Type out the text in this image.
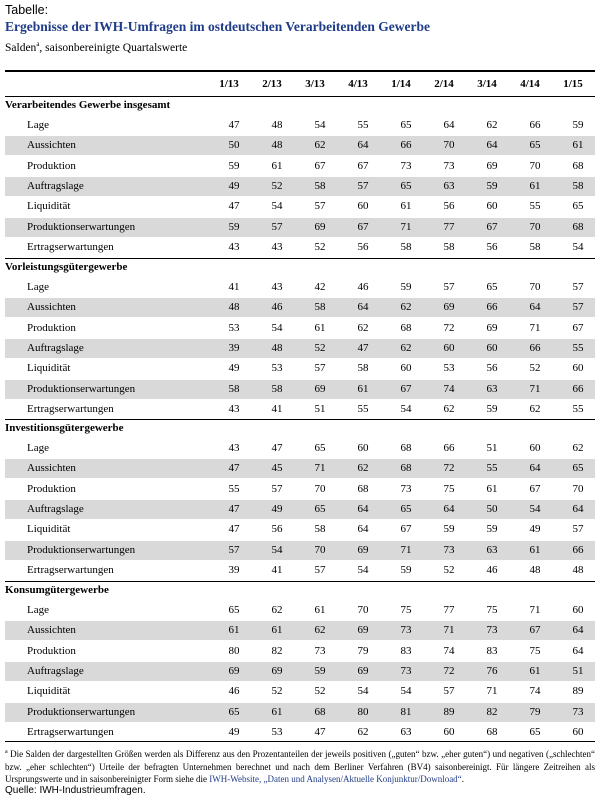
Tabelle:
Ergebnisse der IWH-Umfragen im ostdeutschen Verarbeitenden Gewerbe
Salden$^a$, saisonbereinigte Quartalswerte
1/13	2/13	3/13	4/13	1/14	2/14	3/14	4/14	1/15
Verarbeitendes Gewerbe insgesamt
Lage	47	48	54	55	65	64	62	66	59
Aussichten	50	48	62	64	66	70	64	65	61
Produktion	59	61	67	67	73	73	69	70	68
Auftragslage	49	52	58	57	65	63	59	61	58
Liquidität	47	54	57	60	61	56	60	55	65
Produktionserwartungen	59	57	69	67	71	77	67	70	68
Ertragserwartungen	43	43	52	56	58	58	56	58	54
Vorleistungsgütergewerbe
Lage	41	43	42	46	59	57	65	70	57
Aussichten	48	46	58	64	62	69	66	64	57
Produktion	53	54	61	62	68	72	69	71	67
Auftragslage	39	48	52	47	62	60	60	66	55
Liquidität	49	53	57	58	60	53	56	52	60
Produktionserwartungen	58	58	69	61	67	74	63	71	66
Ertragserwartungen	43	41	51	55	54	62	59	62	55
Investitionsgütergewerbe
Lage	43	47	65	60	68	66	51	60	62
Aussichten	47	45	71	62	68	72	55	64	65
Produktion	55	57	70	68	73	75	61	67	70
Auftragslage	47	49	65	64	65	64	50	54	64
Liquidität	47	56	58	64	67	59	59	49	57
Produktionserwartungen	57	54	70	69	71	73	63	61	66
Ertragserwartungen	39	41	57	54	59	52	46	48	48
Konsumgütergewerbe
Lage	65	62	61	70	75	77	75	71	60
Aussichten	61	61	62	69	73	71	73	67	64
Produktion	80	82	73	79	83	74	83	75	64
Auftragslage	69	69	59	69	73	72	76	61	51
Liquidität	46	52	52	54	54	57	71	74	89
Produktionserwartungen	65	61	68	80	81	89	82	79	73
Ertragserwartungen	49	53	47	62	63	60	68	65	60
$^a$ Die Salden der dargestellten Größen werden als Differenz aus den Prozentanteilen der jeweils positiven („guten“ bzw. „eher guten“) und negativen („schlechten“ bzw. „eher schlechten“) Urteile der befragten Unternehmen berechnet und nach dem Berliner Verfahren (BV4) saisonbereinigt. Für längere Zeitreihen als Ursprungswerte und in saisonbereinigter Form siehe die IWH-Website, „Daten und Analysen/Aktuelle Konjunktur/Download“.
Quelle: IWH-Industrieumfragen.
